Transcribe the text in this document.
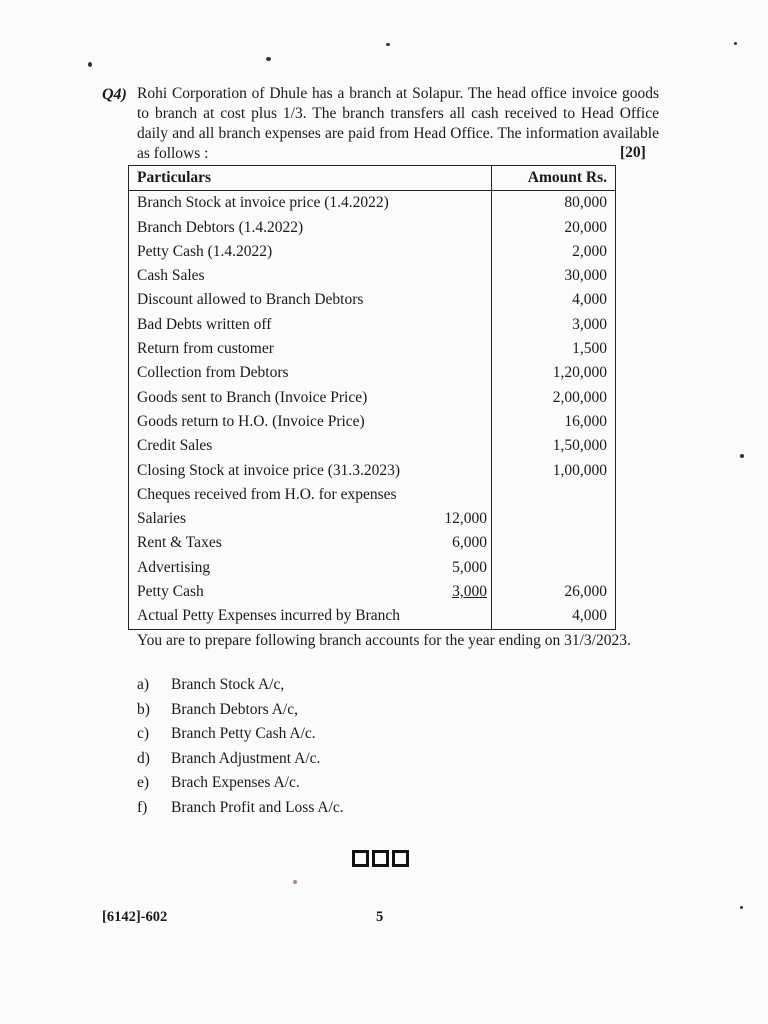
Q4) Rohi Corporation of Dhule has a branch at Solapur. The head office invoice goods to branch at cost plus 1/3. The branch transfers all cash received to Head Office daily and all branch expenses are paid from Head Office. The information available as follows :	[20]
Particulars	Amount Rs.
Branch Stock at invoice price (1.4.2022)	80,000
Branch Debtors (1.4.2022)	20,000
Petty Cash (1.4.2022)	2,000
Cash Sales	30,000
Discount allowed to Branch Debtors	4,000
Bad Debts written off	3,000
Return from customer	1,500
Collection from Debtors	1,20,000
Goods sent to Branch (Invoice Price)	2,00,000
Goods return to H.O. (Invoice Price)	16,000
Credit Sales	1,50,000
Closing Stock at invoice price (31.3.2023)	1,00,000
Cheques received from H.O. for expenses	
Salaries 12,000	

Rent & Taxes 6,000	

Advertising 5,000	

Petty Cash 3,000	26,000
Actual Petty Expenses incurred by Branch	4,000
You are to prepare following branch accounts for the year ending on 31/3/2023.
a)	Branch Stock A/c,
b)	Branch Debtors A/c,
c)	Branch Petty Cash A/c.
d)	Branch Adjustment A/c.
e)	Brach Expenses A/c.
f)	Branch Profit and Loss A/c.
[6142]-602	5
